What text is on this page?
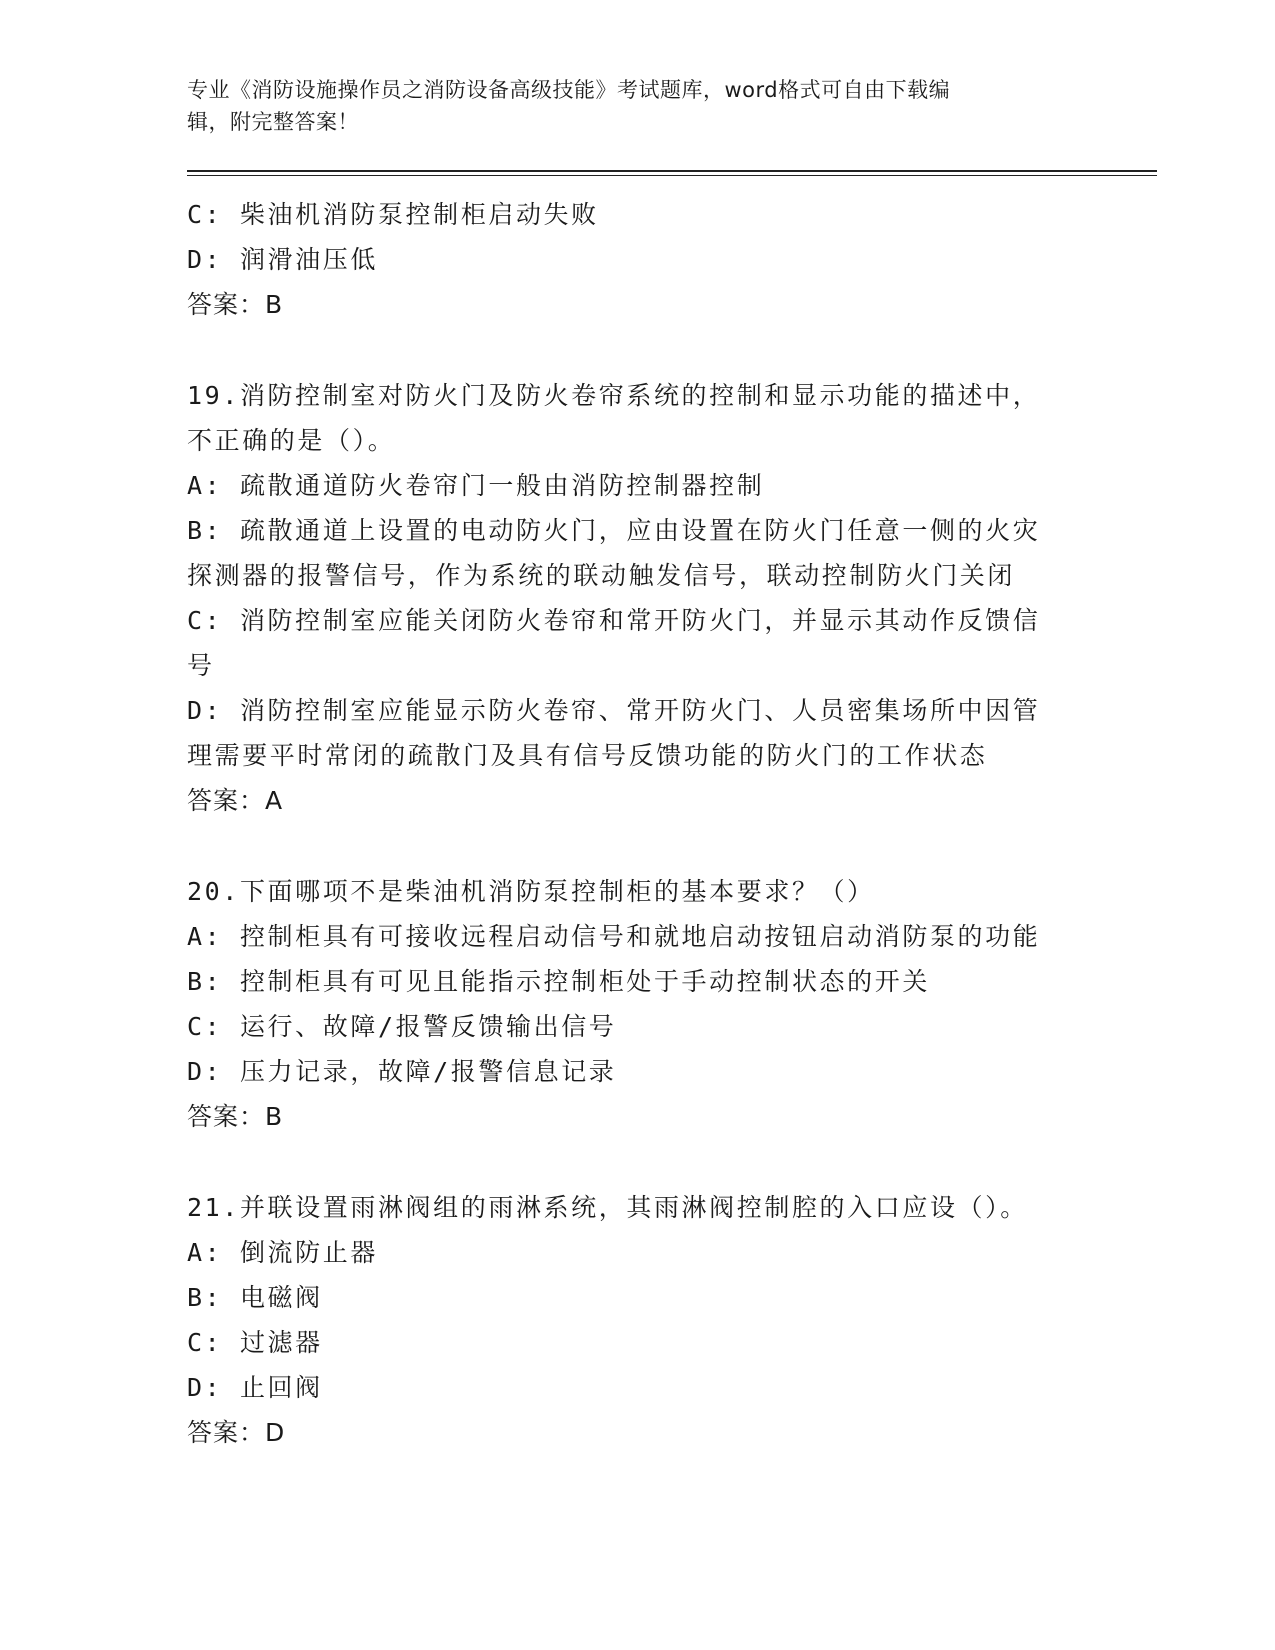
专业《消防设施操作员之消防设备高级技能》考试题库，word格式可自由下载编
辑，附完整答案！
C: 柴油机消防泵控制柜启动失败
D: 润滑油压低
答案：B
19.消防控制室对防火门及防火卷帘系统的控制和显示功能的描述中，
不正确的是（）。
A: 疏散通道防火卷帘门一般由消防控制器控制
B: 疏散通道上设置的电动防火门，应由设置在防火门任意一侧的火灾
探测器的报警信号，作为系统的联动触发信号，联动控制防火门关闭
C: 消防控制室应能关闭防火卷帘和常开防火门，并显示其动作反馈信
号
D: 消防控制室应能显示防火卷帘、常开防火门、人员密集场所中因管
理需要平时常闭的疏散门及具有信号反馈功能的防火门的工作状态
答案：A
20.下面哪项不是柴油机消防泵控制柜的基本要求？（）
A: 控制柜具有可接收远程启动信号和就地启动按钮启动消防泵的功能
B: 控制柜具有可见且能指示控制柜处于手动控制状态的开关
C: 运行、故障/报警反馈输出信号
D: 压力记录，故障/报警信息记录
答案：B
21.并联设置雨淋阀组的雨淋系统，其雨淋阀控制腔的入口应设（）。
A: 倒流防止器
B: 电磁阀
C: 过滤器
D: 止回阀
答案：D
